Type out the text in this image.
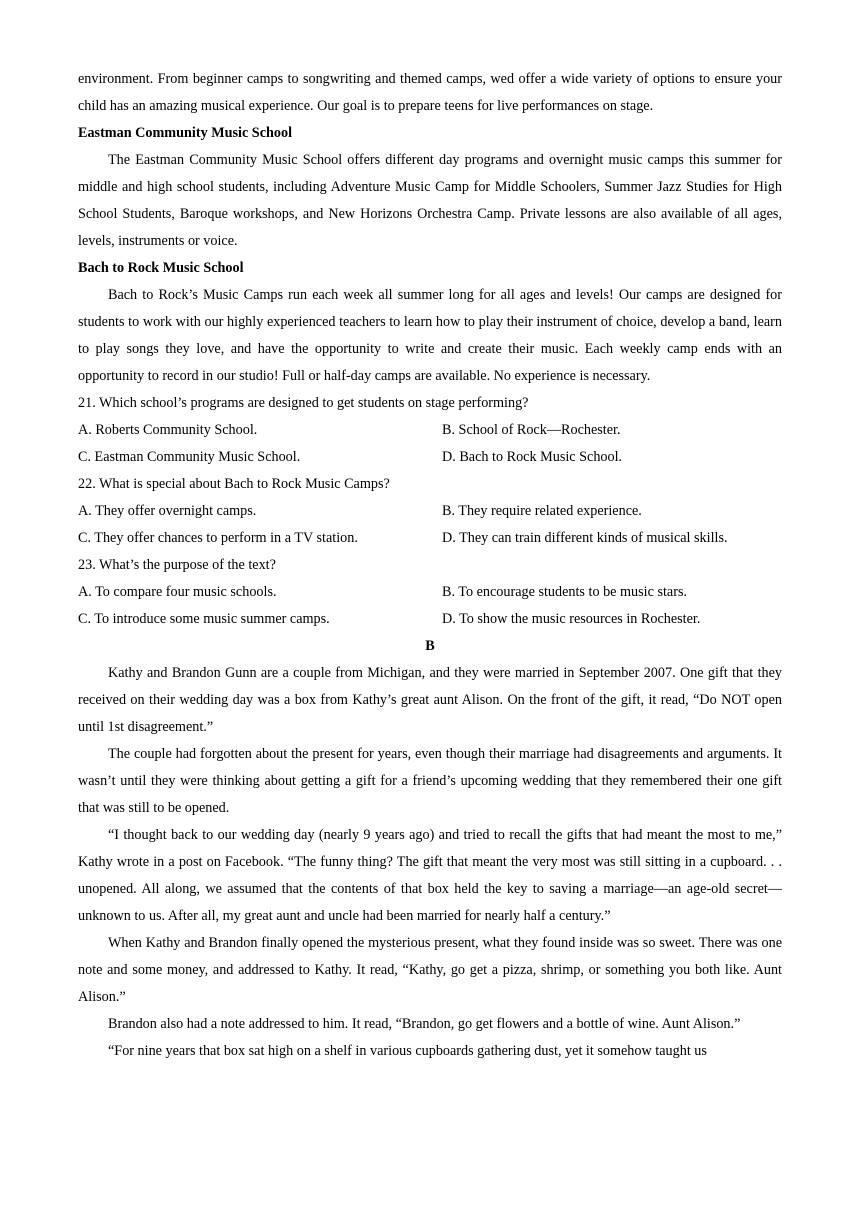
environment. From beginner camps to songwriting and themed camps, wed offer a wide variety of options to ensure your child has an amazing musical experience. Our goal is to prepare teens for live performances on stage.

Eastman Community Music School

The Eastman Community Music School offers different day programs and overnight music camps this summer for middle and high school students, including Adventure Music Camp for Middle Schoolers, Summer Jazz Studies for High School Students, Baroque workshops, and New Horizons Orchestra Camp. Private lessons are also available of all ages, levels, instruments or voice.

Bach to Rock Music School

Bach to Rock’s Music Camps run each week all summer long for all ages and levels! Our camps are designed for students to work with our highly experienced teachers to learn how to play their instrument of choice, develop a band, learn to play songs they love, and have the opportunity to write and create their music. Each weekly camp ends with an opportunity to record in our studio! Full or half-day camps are available. No experience is necessary.

21. Which school’s programs are designed to get students on stage performing?

A. Roberts Community School.	B. School of Rock—Rochester.
C. Eastman Community Music School.	D. Bach to Rock Music School.

22. What is special about Bach to Rock Music Camps?

A. They offer overnight camps.	B. They require related experience.
C. They offer chances to perform in a TV station.	D. They can train different kinds of musical skills.

23. What’s the purpose of the text?

A. To compare four music schools.	B. To encourage students to be music stars.
C. To introduce some music summer camps.	D. To show the music resources in Rochester.

B

Kathy and Brandon Gunn are a couple from Michigan, and they were married in September 2007. One gift that they received on their wedding day was a box from Kathy’s great aunt Alison. On the front of the gift, it read, “Do NOT open until 1st disagreement.”

The couple had forgotten about the present for years, even though their marriage had disagreements and arguments. It wasn’t until they were thinking about getting a gift for a friend’s upcoming wedding that they remembered their one gift that was still to be opened.

“I thought back to our wedding day (nearly 9 years ago) and tried to recall the gifts that had meant the most to me,” Kathy wrote in a post on Facebook. “The funny thing? The gift that meant the very most was still sitting in a cupboard. . . unopened. All along, we assumed that the contents of that box held the key to saving a marriage—an age-old secret—unknown to us. After all, my great aunt and uncle had been married for nearly half a century.”

When Kathy and Brandon finally opened the mysterious present, what they found inside was so sweet. There was one note and some money, and addressed to Kathy. It read, “Kathy, go get a pizza, shrimp, or something you both like. Aunt Alison.”

Brandon also had a note addressed to him. It read, “Brandon, go get flowers and a bottle of wine. Aunt Alison.”

“For nine years that box sat high on a shelf in various cupboards gathering dust, yet it somehow taught us
